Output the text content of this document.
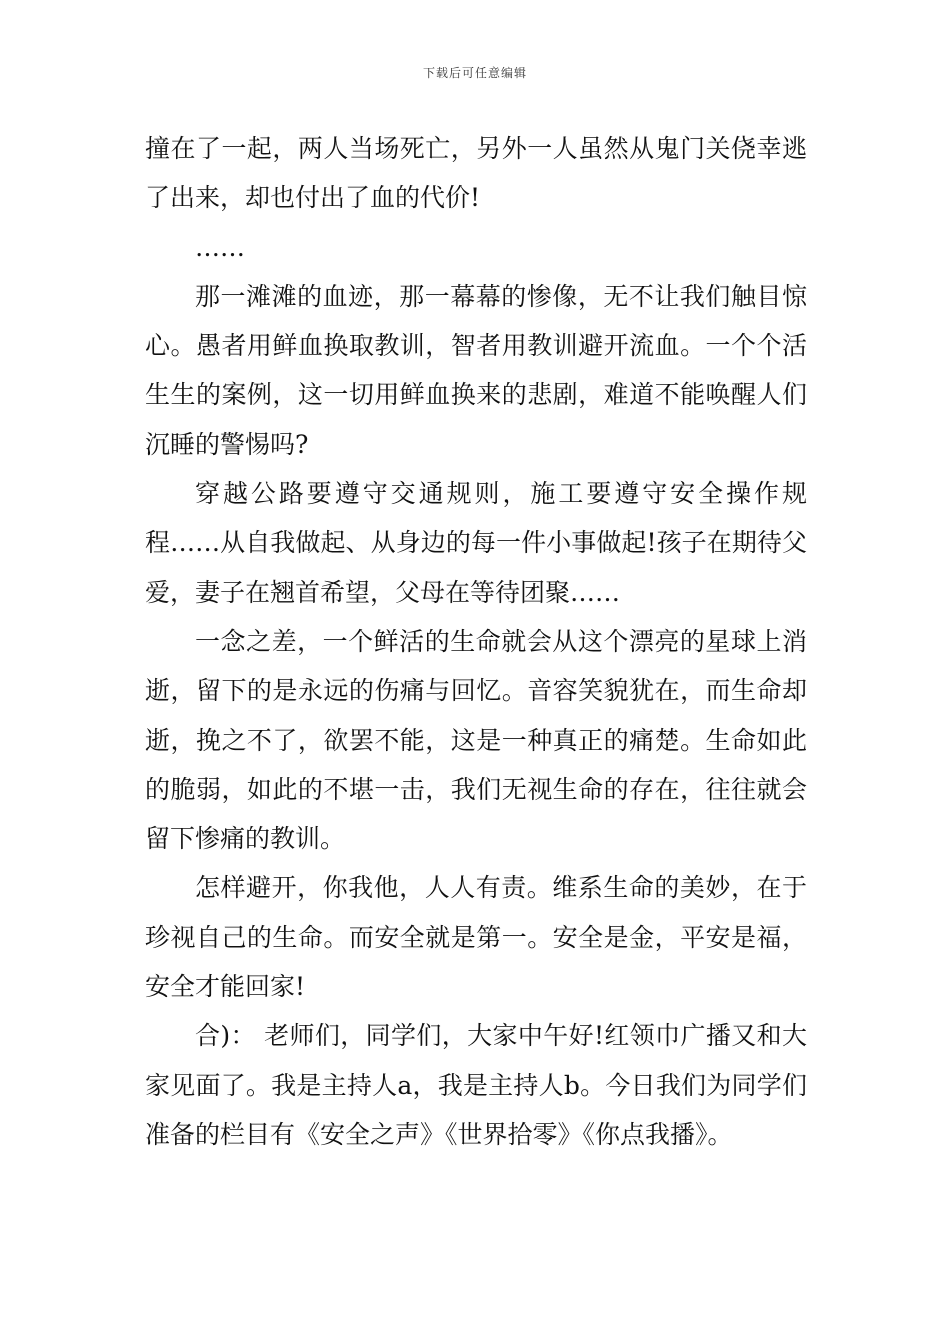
下载后可任意编辑

撞在了一起，两人当场死亡，另外一人虽然从鬼门关侥幸逃了出来，却也付出了血的代价!

……

那一滩滩的血迹，那一幕幕的惨像，无不让我们触目惊心。愚者用鲜血换取教训，智者用教训避开流血。一个个活生生的案例，这一切用鲜血换来的悲剧，难道不能唤醒人们沉睡的警惕吗?

穿越公路要遵守交通规则，施工要遵守安全操作规程……从自我做起、从身边的每一件小事做起!孩子在期待父爱，妻子在翘首希望，父母在等待团聚……

一念之差，一个鲜活的生命就会从这个漂亮的星球上消逝，留下的是永远的伤痛与回忆。音容笑貌犹在，而生命却逝，挽之不了，欲罢不能，这是一种真正的痛楚。生命如此的脆弱，如此的不堪一击，我们无视生命的存在，往往就会留下惨痛的教训。

怎样避开，你我他，人人有责。维系生命的美妙，在于珍视自己的生命。而安全就是第一。安全是金，平安是福，安全才能回家!

合)： 老师们，同学们，大家中午好!红领巾广播又和大家见面了。我是主持人a，我是主持人b。今日我们为同学们准备的栏目有《安全之声》《世界拾零》《你点我播》。
